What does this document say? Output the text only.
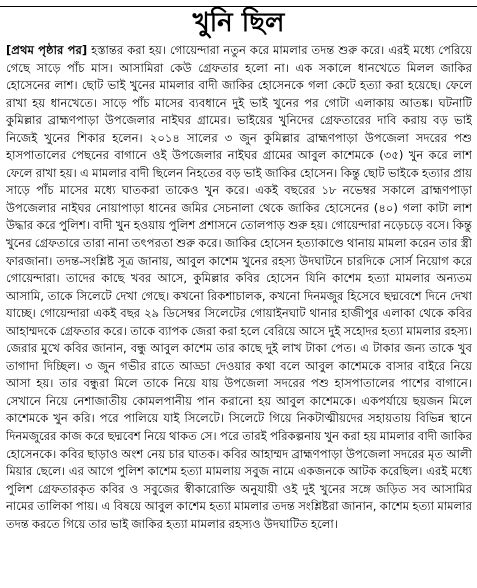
খুনি ছিল
[প্রথম পৃষ্ঠার পর] হস্তান্তর করা হয়। গোয়েন্দারা নতুন করে মামলার তদন্ত শুরু করে। এরই মধ্যে পেরিয়ে গেছে সাড়ে পাঁচ মাস। আসামিরা কেউ গ্রেফতার হলো না। এক সকালে ধানখেতে মিলল জাকির হোসেনের লাশ। ছোট ভাই খুনের মামলার বাদী জাকির হোসেনকে গলা কেটে হত্যা করা হয়েছে। ফেলে রাখা হয় ধানখেতে। সাড়ে পাঁচ মাসের ব্যবধানে দুই ভাই খুনের পর গোটা এলাকায় আতঙ্ক। ঘটনাটি কুমিল্লার ব্রাহ্মণপাড়া উপজেলার নাইঘর গ্রামের। ভাইয়ের খুনিদের গ্রেফতারের দাবি করায় বড় ভাই নিজেই খুনের শিকার হলেন। ২০১৪ সালের ৩ জুন কুমিল্লার ব্রাহ্মণপাড়া উপজেলা সদরের পশু হাসপাতালের পেছনের বাগানে ওই উপজেলার নাইঘর গ্রামের আবুল কাশেমকে (৩৫) খুন করে লাশ ফেলে রাখা হয়। এ মামলার বাদী ছিলেন নিহতের বড় ভাই জাকির হোসেন। কিন্তু ছোট ভাইকে হত্যার প্রায় সাড়ে পাঁচ মাসের মধ্যে ঘাতকরা তাকেও খুন করে। একই বছরের ১৮ নভেম্বর সকালে ব্রাহ্মণপাড়া উপজেলার নাইঘর নোয়াপাড়া ধানের জমির সেচনালা থেকে জাকির হোসেনের (৪০) গলা কাটা লাশ উদ্ধার করে পুলিশ। বাদী খুন হওয়ায় পুলিশ প্রশাসনে তোলপাড় শুরু হয়। গোয়েন্দারা নড়েচড়ে বসে। কিন্তু খুনের গ্রেফতারে তারা নানা তৎপরতা শুরু করে। জাকির হোসেন হত্যাকাণ্ডে থানায় মামলা করেন তার স্ত্রী ফারজানা। তদন্ত-সংশ্লিষ্ট সূত্র জানায়, আবুল কাশেম খুনের রহস্য উদঘাটনে চারদিকে সোর্স নিয়োগ করে গোয়েন্দারা। তাদের কাছে খবর আসে, কুমিল্লার কবির হোসেন যিনি কাশেম হত্যা মামলার অন্যতম আসামি, তাকে সিলেটে দেখা গেছে। কখনো রিকশাচালক, কখনো দিনমজুর হিসেবে ছদ্মবেশে দিনে দেখা যাচ্ছে। গোয়েন্দারা একই বছর ২৯ ডিসেম্বর সিলেটের গোয়াইনঘাট থানার হাজীপুর এলাকা থেকে কবির আহাম্মদকে গ্রেফতার করে। তাকে ব্যাপক জেরা করা হলে বেরিয়ে আসে দুই সহোদর হত্যা মামলার রহস্য। জেরার মুখে কবির জানান, বন্ধু আবুল কাশেম তার কাছে দুই লাখ টাকা পেত। এ টাকার জন্য তাকে খুব তাগাদা দিচ্ছিল। ৩ জুন গভীর রাতে আড্ডা দেওয়ার কথা বলে আবুল কাশেমকে বাসার বাইরে নিয়ে আসা হয়। তার বন্ধুরা মিলে তাকে নিয়ে যায় উপজেলা সদরের পশু হাসপাতালের পাশের বাগানে। সেখানে নিয়ে নেশাজাতীয় কোমলপানীয় পান করানো হয় আবুল কাশেমকে। একপর্যায়ে ছয়জন মিলে কাশেমকে খুন করি। পরে পালিয়ে যাই সিলেটে। সিলেটে গিয়ে নিকটাত্মীয়দের সহায়তায় বিভিন্ন স্থানে দিনমজুরের কাজ করে ছদ্মবেশ নিয়ে থাকত সে। পরে তারই পরিকল্পনায় খুন করা হয় মামলার বাদী জাকির হোসেনকে। কবির ছাড়াও অংশ নেয় চার ঘাতক। কবির আহাম্মদ ব্রাহ্মণপাড়া উপজেলা সদরের মৃত আলী মিয়ার ছেলে। এর আগে পুলিশ কাশেম হত্যা মামলায় সবুজ নামে একজনকে আটক করেছিল। এরই মধ্যে পুলিশ গ্রেফতারকৃত কবির ও সবুজের স্বীকারোক্তি অনুযায়ী ওই দুই খুনের সঙ্গে জড়িত সব আসামির নামের তালিকা পায়। এ বিষয়ে আবুল কাশেম হত্যা মামলার তদন্ত সংশ্লিষ্টরা জানান, কাশেম হত্যা মামলার তদন্ত করতে গিয়ে তার ভাই জাকির হত্যা মামলার রহস্যও উদঘাটিত হলো।
